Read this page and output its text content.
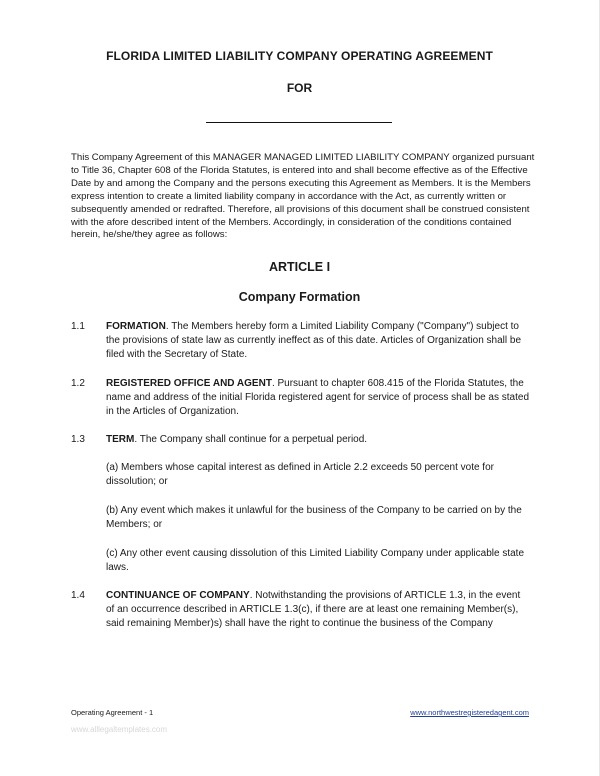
FLORIDA LIMITED LIABILITY COMPANY OPERATING AGREEMENT
FOR
This Company Agreement of this MANAGER MANAGED LIMITED LIABILITY COMPANY organized pursuant to Title 36, Chapter 608 of the Florida Statutes, is entered into and shall become effective as of the Effective Date by and among the Company and the persons executing this Agreement as Members. It is the Members express intention to create a limited liability company in accordance with the Act, as currently written or subsequently amended or redrafted. Therefore, all provisions of this document shall be construed consistent with the afore described intent of the Members. Accordingly, in consideration of the conditions contained herein, he/she/they agree as follows:
ARTICLE I
Company Formation
1.1	FORMATION. The Members hereby form a Limited Liability Company ("Company") subject to the provisions of state law as currently ineffect as of this date. Articles of Organization shall be filed with the Secretary of State.
1.2	REGISTERED OFFICE AND AGENT. Pursuant to chapter 608.415 of the Florida Statutes, the name and address of the initial Florida registered agent for service of process shall be as stated in the Articles of Organization.
1.3	TERM. The Company shall continue for a perpetual period.
(a) Members whose capital interest as defined in Article 2.2 exceeds 50 percent vote for dissolution; or
(b) Any event which makes it unlawful for the business of the Company to be carried on by the Members; or
(c) Any other event causing dissolution of this Limited Liability Company under applicable state laws.
1.4	CONTINUANCE OF COMPANY. Notwithstanding the provisions of ARTICLE 1.3, in the event of an occurrence described in ARTICLE 1.3(c), if there are at least one remaining Member(s), said remaining Member)s) shall have the right to continue the business of the Company
Operating Agreement - 1	www.northwestregisteredagent.com
www.alllegaltemplates.com
